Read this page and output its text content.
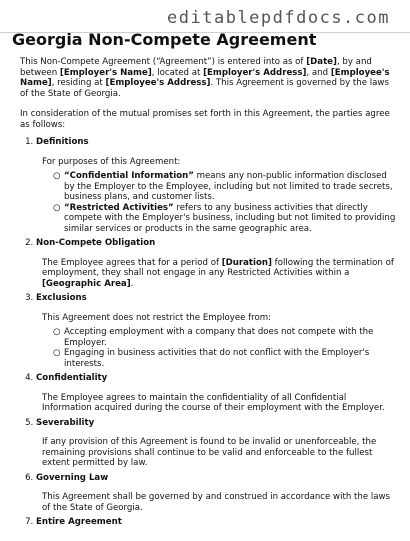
editablepdfdocs.com
Georgia Non-Compete Agreement

This Non-Compete Agreement (“Agreement”) is entered into as of [Date], by and between [Employer's Name], located at [Employer's Address], and [Employee's Name], residing at [Employee's Address]. This Agreement is governed by the laws of the State of Georgia.

In consideration of the mutual promises set forth in this Agreement, the parties agree as follows:

1. Definitions

For purposes of this Agreement:

○ “Confidential Information” means any non-public information disclosed by the Employer to the Employee, including but not limited to trade secrets, business plans, and customer lists.
○ “Restricted Activities” refers to any business activities that directly compete with the Employer's business, including but not limited to providing similar services or products in the same geographic area.
2. Non-Compete Obligation

The Employee agrees that for a period of [Duration] following the termination of employment, they shall not engage in any Restricted Activities within a [Geographic Area].

3. Exclusions

This Agreement does not restrict the Employee from:

○ Accepting employment with a company that does not compete with the Employer.
○ Engaging in business activities that do not conflict with the Employer's interests.
4. Confidentiality

The Employee agrees to maintain the confidentiality of all Confidential Information acquired during the course of their employment with the Employer.

5. Severability

If any provision of this Agreement is found to be invalid or unenforceable, the remaining provisions shall continue to be valid and enforceable to the fullest extent permitted by law.

6. Governing Law

This Agreement shall be governed by and construed in accordance with the laws of the State of Georgia.

7. Entire Agreement
